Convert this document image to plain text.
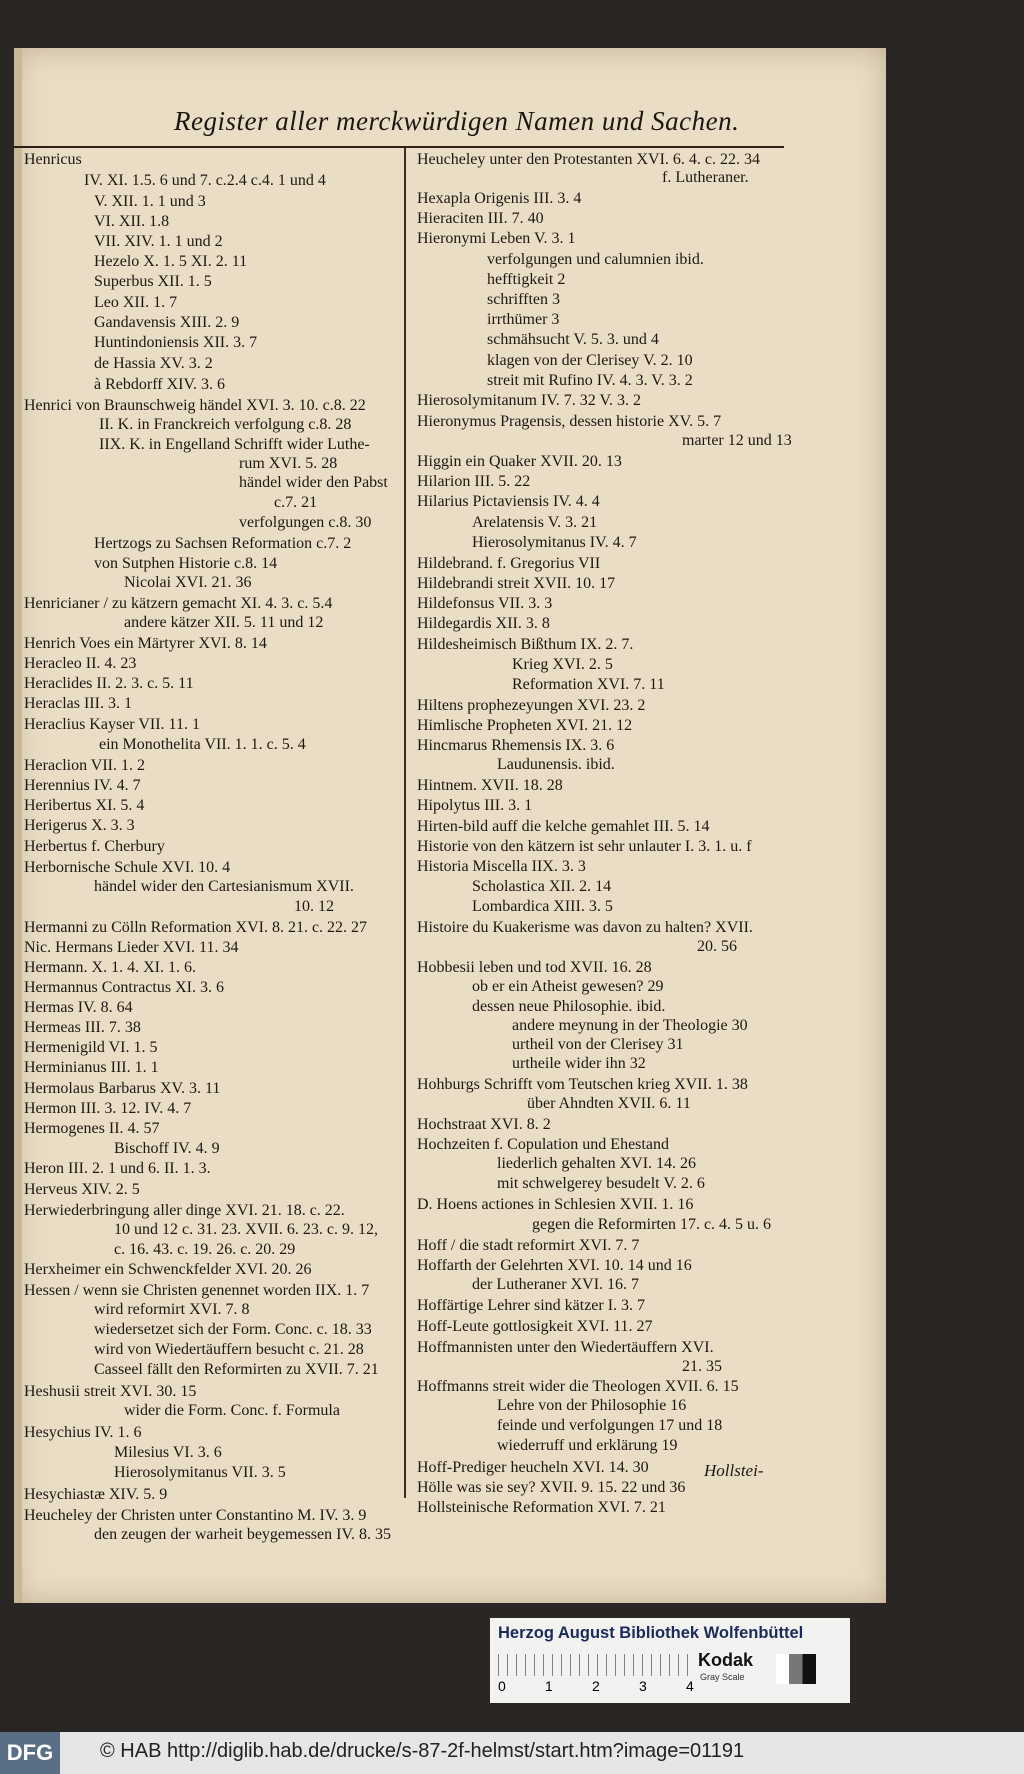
Register aller merckwürdigen Namen und Sachen.
Henricus
IV. XI. 1.5. 6 und 7. c.2.4 c.4. 1 und 4
V. XII. 1. 1 und 3
VI. XII. 1.8
VII. XIV. 1. 1 und 2
Hezelo X. 1. 5 XI. 2. 11
Superbus XII. 1. 5
Leo XII. 1. 7
Gandavensis XIII. 2. 9
Huntindoniensis XII. 3. 7
de Hassia XV. 3. 2
à Rebdorff XIV. 3. 6
Henrici von Braunschweig händel XVI. 3. 10. c.8. 22
II. K. in Franckreich verfolgung c.8. 28
IIX. K. in Engelland Schrifft wider Luthe-
rum XVI. 5. 28
händel wider den Pabst
c.7. 21
verfolgungen c.8. 30
Hertzogs zu Sachsen Reformation c.7. 2
von Sutphen Historie c.8. 14
Nicolai XVI. 21. 36
Henricianer / zu kätzern gemacht XI. 4. 3. c. 5.4
andere kätzer XII. 5. 11 und 12
Henrich Voes ein Märtyrer XVI. 8. 14
Heracleo II. 4. 23
Heraclides II. 2. 3. c. 5. 11
Heraclas III. 3. 1
Heraclius Kayser VII. 11. 1
ein Monothelita VII. 1. 1. c. 5. 4
Heraclion VII. 1. 2
Herennius IV. 4. 7
Heribertus XI. 5. 4
Herigerus X. 3. 3
Herbertus f. Cherbury
Herbornische Schule XVI. 10. 4
händel wider den Cartesianismum XVII.
10. 12
Hermanni zu Cölln Reformation XVI. 8. 21. c. 22. 27
Nic. Hermans Lieder XVI. 11. 34
Hermann. X. 1. 4. XI. 1. 6.
Hermannus Contractus XI. 3. 6
Hermas IV. 8. 64
Hermeas III. 7. 38
Hermenigild VI. 1. 5
Herminianus III. 1. 1
Hermolaus Barbarus XV. 3. 11
Hermon III. 3. 12. IV. 4. 7
Hermogenes II. 4. 57
Bischoff IV. 4. 9
Heron III. 2. 1 und 6. II. 1. 3.
Herveus XIV. 2. 5
Herwiederbringung aller dinge XVI. 21. 18. c. 22.
10 und 12 c. 31. 23. XVII. 6. 23. c. 9. 12,
c. 16. 43. c. 19. 26. c. 20. 29
Herxheimer ein Schwenckfelder XVI. 20. 26
Hessen / wenn sie Christen genennet worden IIX. 1. 7
wird reformirt XVI. 7. 8
wiedersetzet sich der Form. Conc. c. 18. 33
wird von Wiedertäuffern besucht c. 21. 28
Casseel fällt den Reformirten zu XVII. 7. 21
Heshusii streit XVI. 30. 15
wider die Form. Conc. f. Formula
Hesychius IV. 1. 6
Milesius VI. 3. 6
Hierosolymitanus VII. 3. 5
Hesychiastæ XIV. 5. 9
Heucheley der Christen unter Constantino M. IV. 3. 9
den zeugen der warheit beygemessen IV. 8. 35
Heucheley unter den Protestanten XVI. 6. 4. c. 22. 34
f. Lutheraner.
Hexapla Origenis III. 3. 4
Hieraciten III. 7. 40
Hieronymi Leben V. 3. 1
verfolgungen und calumnien ibid.
hefftigkeit 2
schrifften 3
irrthümer 3
schmähsucht V. 5. 3. und 4
klagen von der Clerisey V. 2. 10
streit mit Rufino IV. 4. 3. V. 3. 2
Hierosolymitanum IV. 7. 32 V. 3. 2
Hieronymus Pragensis, dessen historie XV. 5. 7
marter 12 und 13
Higgin ein Quaker XVII. 20. 13
Hilarion III. 5. 22
Hilarius Pictaviensis IV. 4. 4
Arelatensis V. 3. 21
Hierosolymitanus IV. 4. 7
Hildebrand. f. Gregorius VII
Hildebrandi streit XVII. 10. 17
Hildefonsus VII. 3. 3
Hildegardis XII. 3. 8
Hildesheimisch Bißthum IX. 2. 7.
Krieg XVI. 2. 5
Reformation XVI. 7. 11
Hiltens prophezeyungen XVI. 23. 2
Himlische Propheten XVI. 21. 12
Hincmarus Rhemensis IX. 3. 6
Laudunensis. ibid.
Hintnem. XVII. 18. 28
Hipolytus III. 3. 1
Hirten-bild auff die kelche gemahlet III. 5. 14
Historie von den kätzern ist sehr unlauter I. 3. 1. u. f
Historia Miscella IIX. 3. 3
Scholastica XII. 2. 14
Lombardica XIII. 3. 5
Histoire du Kuakerisme was davon zu halten? XVII.
20. 56
Hobbesii leben und tod XVII. 16. 28
ob er ein Atheist gewesen? 29
dessen neue Philosophie. ibid.
andere meynung in der Theologie 30
urtheil von der Clerisey 31
urtheile wider ihn 32
Hohburgs Schrifft vom Teutschen krieg XVII. 1. 38
über Ahndten XVII. 6. 11
Hochstraat XVI. 8. 2
Hochzeiten f. Copulation und Ehestand
liederlich gehalten XVI. 14. 26
mit schwelgerey besudelt V. 2. 6
D. Hoens actiones in Schlesien XVII. 1. 16
gegen die Reformirten 17. c. 4. 5 u. 6
Hoff / die stadt reformirt XVI. 7. 7
Hoffarth der Gelehrten XVI. 10. 14 und 16
der Lutheraner XVI. 16. 7
Hoffärtige Lehrer sind kätzer I. 3. 7
Hoff-Leute gottlosigkeit XVI. 11. 27
Hoffmannisten unter den Wiedertäuffern XVI.
21. 35
Hoffmanns streit wider die Theologen XVII. 6. 15
Lehre von der Philosophie 16
feinde und verfolgungen 17 und 18
wiederruff und erklärung 19
Hoff-Prediger heucheln XVI. 14. 30
Hölle was sie sey? XVII. 9. 15. 22 und 36
Hollsteinische Reformation XVI. 7. 21
Hollstei-
Herzog August Bibliothek Wolfenbüttel
0	1	2	3	4
Kodak
Gray Scale
DFG	© HAB http://diglib.hab.de/drucke/s-87-2f-helmst/start.htm?image=01191
